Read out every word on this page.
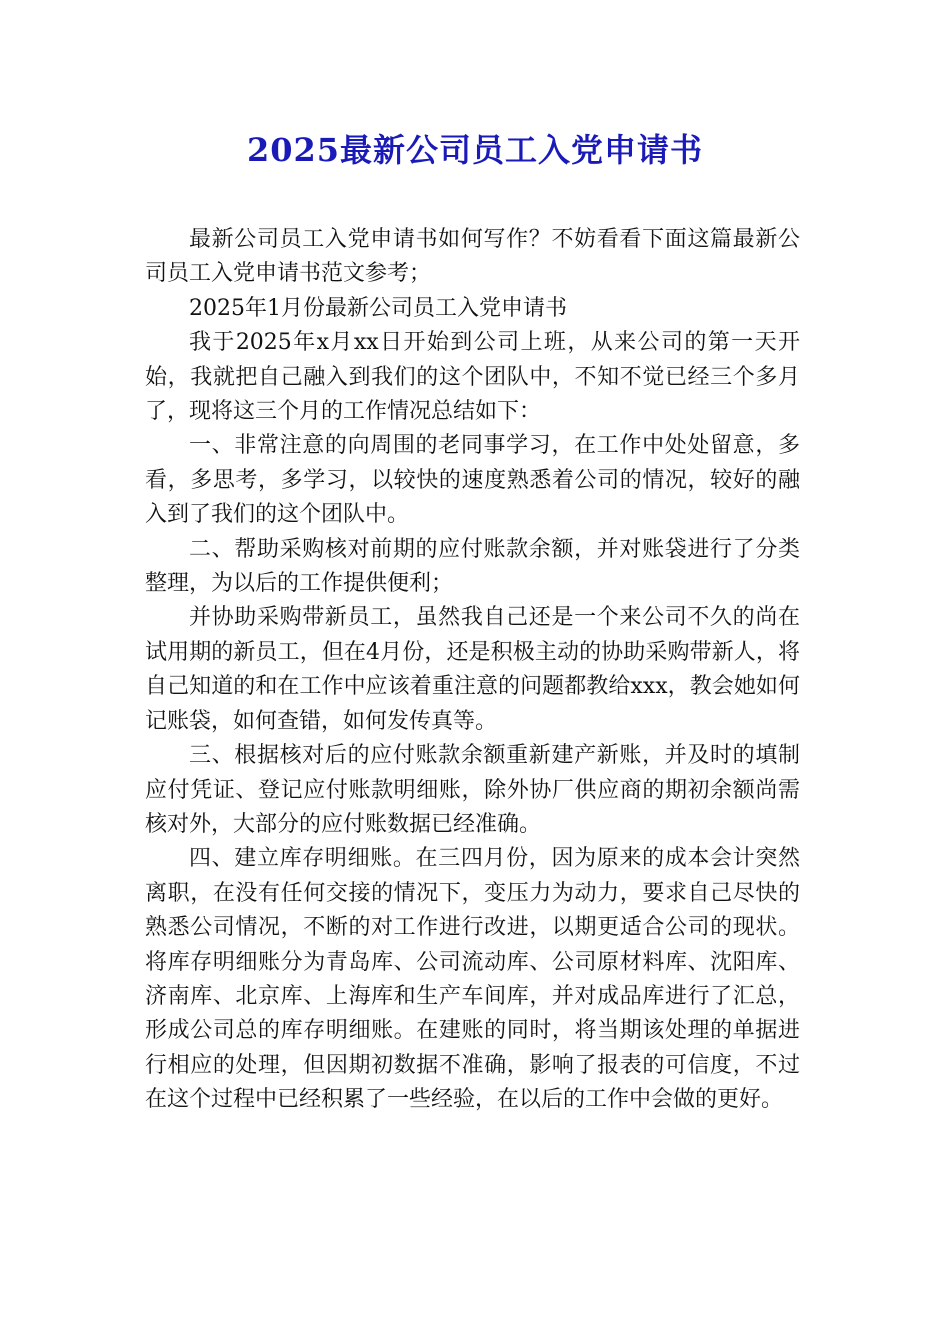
2025最新公司员工入党申请书

最新公司员工入党申请书如何写作？不妨看看下面这篇最新公司员工入党申请书范文参考；

2025年1月份最新公司员工入党申请书

我于2025年x月xx日开始到公司上班，从来公司的第一天开始，我就把自己融入到我们的这个团队中，不知不觉已经三个多月了，现将这三个月的工作情况总结如下：

一、非常注意的向周围的老同事学习，在工作中处处留意，多看，多思考，多学习，以较快的速度熟悉着公司的情况，较好的融入到了我们的这个团队中。

二、帮助采购核对前期的应付账款余额，并对账袋进行了分类整理，为以后的工作提供便利；

并协助采购带新员工，虽然我自己还是一个来公司不久的尚在试用期的新员工，但在4月份，还是积极主动的协助采购带新人，将自己知道的和在工作中应该着重注意的问题都教给xxx，教会她如何记账袋，如何查错，如何发传真等。

三、根据核对后的应付账款余额重新建产新账，并及时的填制应付凭证、登记应付账款明细账，除外协厂供应商的期初余额尚需核对外，大部分的应付账数据已经准确。

四、建立库存明细账。在三四月份，因为原来的成本会计突然离职，在没有任何交接的情况下，变压力为动力，要求自己尽快的熟悉公司情况，不断的对工作进行改进，以期更适合公司的现状。将库存明细账分为青岛库、公司流动库、公司原材料库、沈阳库、济南库、北京库、上海库和生产车间库，并对成品库进行了汇总，形成公司总的库存明细账。在建账的同时，将当期该处理的单据进行相应的处理，但因期初数据不准确，影响了报表的可信度，不过在这个过程中已经积累了一些经验，在以后的工作中会做的更好。
